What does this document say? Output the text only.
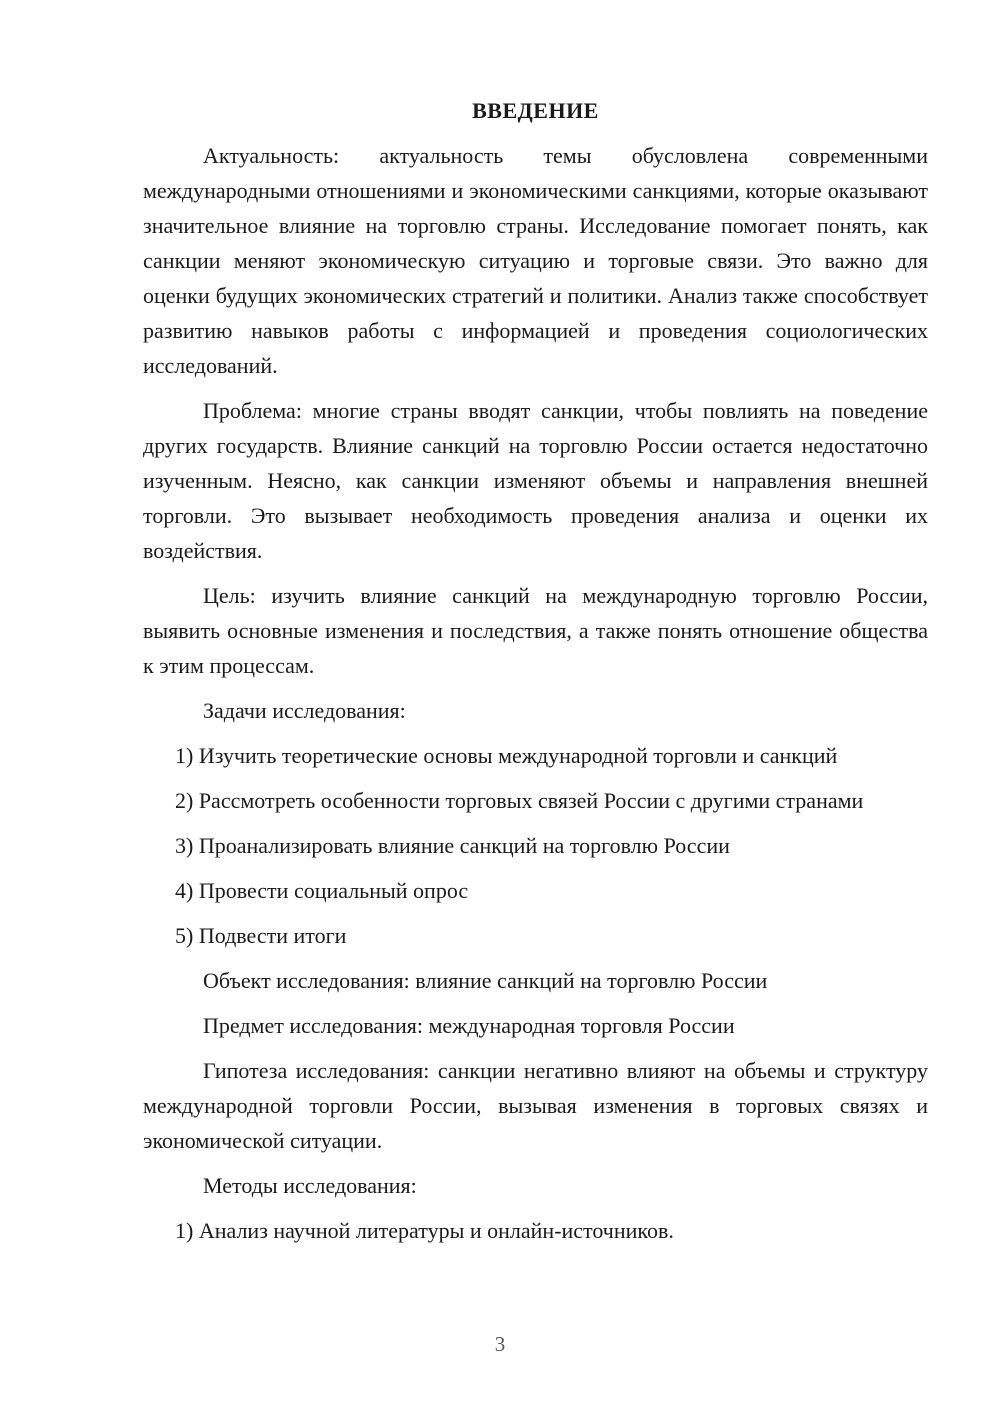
ВВЕДЕНИЕ

Актуальность: актуальность темы обусловлена современными международными отношениями и экономическими санкциями, которые оказывают значительное влияние на торговлю страны. Исследование помогает понять, как санкции меняют экономическую ситуацию и торговые связи. Это важно для оценки будущих экономических стратегий и политики. Анализ также способствует развитию навыков работы с информацией и проведения социологических исследований.

Проблема: многие страны вводят санкции, чтобы повлиять на поведение других государств. Влияние санкций на торговлю России остается недостаточно изученным. Неясно, как санкции изменяют объемы и направления внешней торговли. Это вызывает необходимость проведения анализа и оценки их воздействия.

Цель: изучить влияние санкций на международную торговлю России, выявить основные изменения и последствия, а также понять отношение общества к этим процессам.

Задачи исследования:

1) Изучить теоретические основы международной торговли и санкций

2) Рассмотреть особенности торговых связей России с другими странами

3) Проанализировать влияние санкций на торговлю России

4) Провести социальный опрос

5) Подвести итоги

Объект исследования: влияние санкций на торговлю России

Предмет исследования: международная торговля России

Гипотеза исследования: санкции негативно влияют на объемы и структуру международной торговли России, вызывая изменения в торговых связях и экономической ситуации.

Методы исследования:

1) Анализ научной литературы и онлайн-источников.

3
